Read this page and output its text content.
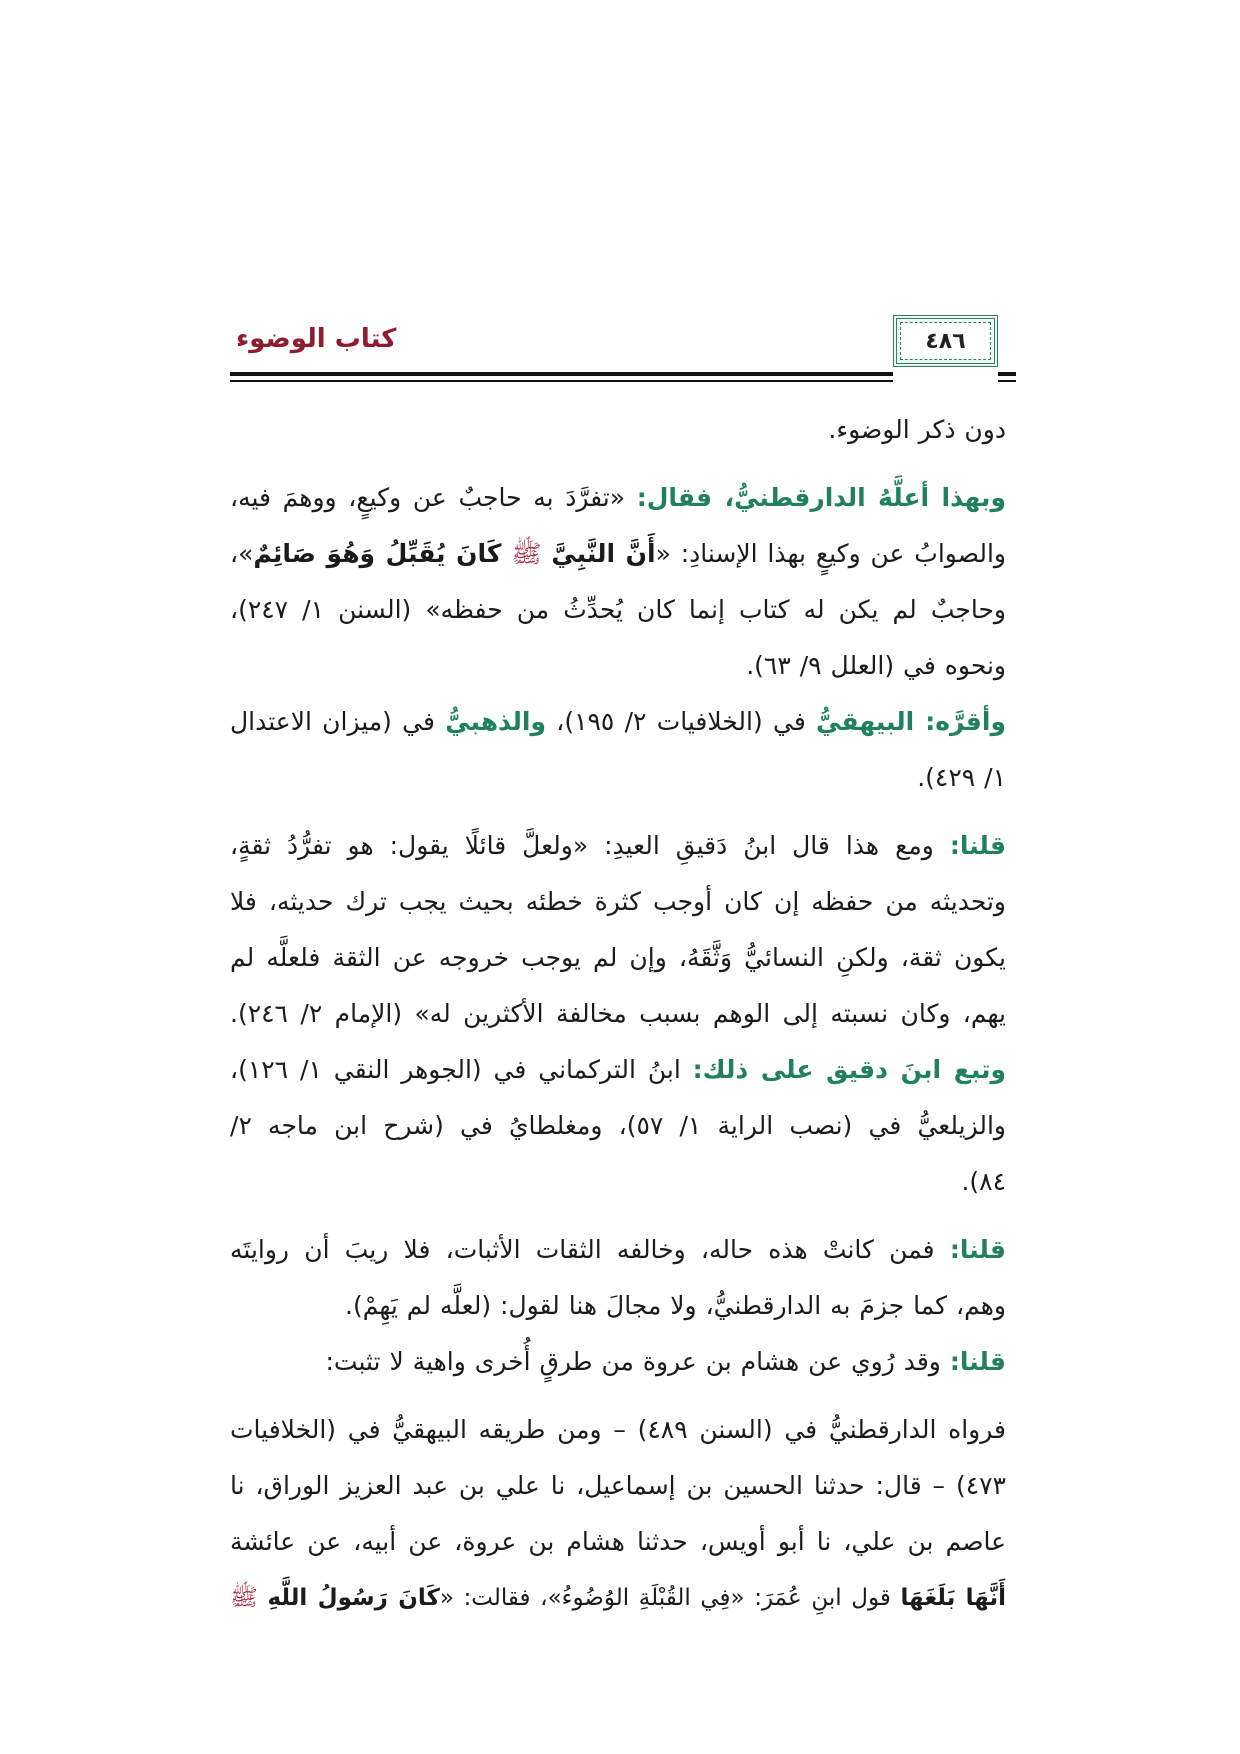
كتاب الوضوء	٤٨٦
دون ذكر الوضوء.
وبهذا أعلَّهُ الدارقطنيُّ، فقال: «تفرَّدَ به حاجبٌ عن وكيعٍ، ووهمَ فيه،
والصوابُ عن وكيعٍ بهذا الإسنادِ: «أَنَّ النَّبِيَّ ﷺ كَانَ يُقَبِّلُ وَهُوَ صَائِمٌ»،
وحاجبٌ لم يكن له كتاب إنما كان يُحدِّثُ من حفظه» (السنن ١/ ٢٤٧)،
ونحوه في (العلل ٩/ ٦٣).
وأقرَّه: البيهقيُّ في (الخلافيات ٢/ ١٩٥)، والذهبيُّ في (ميزان الاعتدال
١/ ٤٢٩).
قلنا: ومع هذا قال ابنُ دَقيقِ العيدِ: «ولعلَّ قائلًا يقول: هو تفرُّدُ ثقةٍ،
وتحديثه من حفظه إن كان أوجب كثرة خطئه بحيث يجب ترك حديثه، فلا
يكون ثقة، ولكنِ النسائيُّ وَثَّقَهُ، وإن لم يوجب خروجه عن الثقة فلعلَّه لم
يهم، وكان نسبته إلى الوهم بسبب مخالفة الأكثرين له» (الإمام ٢/ ٢٤٦).
وتبع ابنَ دقيق على ذلك: ابنُ التركماني في (الجوهر النقي ١/ ١٢٦)،
والزيلعيُّ في (نصب الراية ١/ ٥٧)، ومغلطايُ في (شرح ابن ماجه ٢/
٨٤).
قلنا: فمن كانتْ هذه حاله، وخالفه الثقات الأثبات، فلا ريبَ أن روايتَه
وهم، كما جزمَ به الدارقطنيُّ، ولا مجالَ هنا لقول: (لعلَّه لم يَهِمْ).
قلنا: وقد رُوي عن هشام بن عروة من طرقٍ أُخرى واهية لا تثبت:
فرواه الدارقطنيُّ في (السنن ٤٨٩) – ومن طريقه البيهقيُّ في (الخلافيات
٤٧٣) – قال: حدثنا الحسين بن إسماعيل، نا علي بن عبد العزيز الوراق، نا
عاصم بن علي، نا أبو أويس، حدثنا هشام بن عروة، عن أبيه، عن عائشة
أَنَّهَا بَلَغَهَا قول ابنِ عُمَرَ: «فِي القُبْلَةِ الوُضُوءُ»، فقالت: «كَانَ رَسُولُ اللَّهِ ﷺ
